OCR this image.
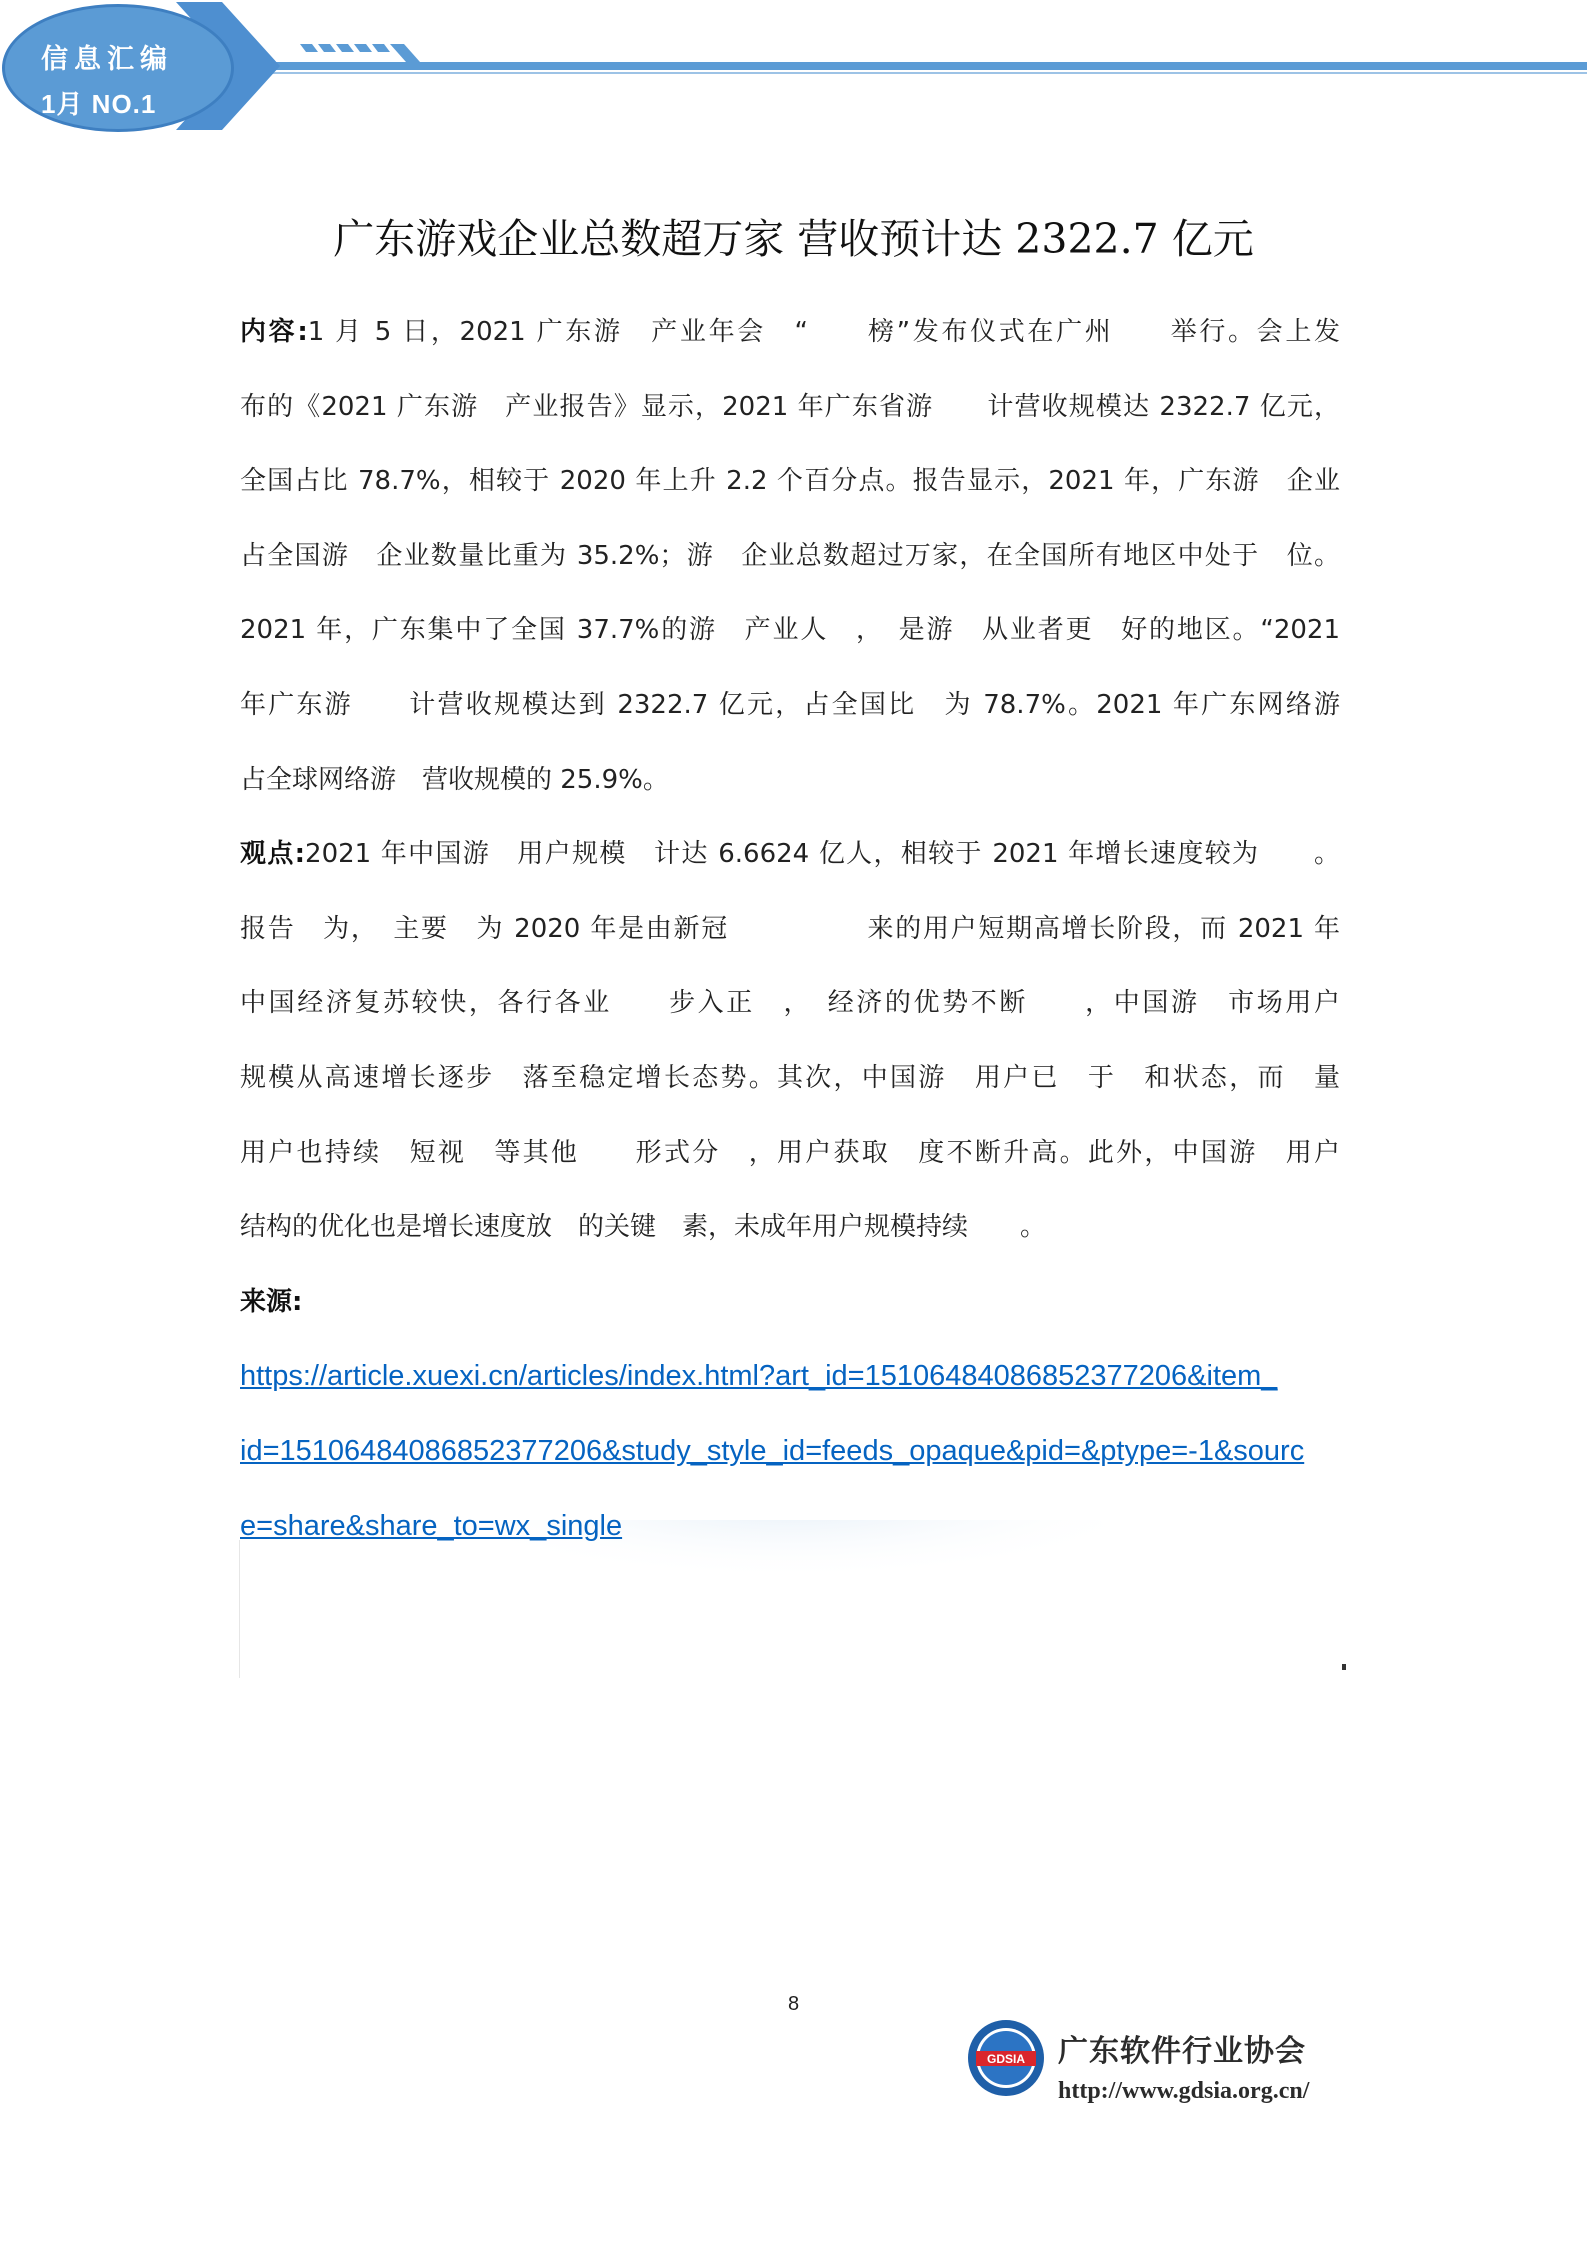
信息汇编
1月 NO.1
广东游戏企业总数超万家 营收预计达 2322.7 亿元
内容:1 月 5 日，2021 广东游　产业年会　“　　榜”发布仪式在广州　　举行。会上发
布的《2021 广东游　产业报告》显示，2021 年广东省游　　计营收规模达 2322.7 亿元，
全国占比 78.7%，相较于 2020 年上升 2.2 个百分点。报告显示，2021 年，广东游　企业
占全国游　企业数量比重为 35.2%；游　企业总数超过万家，在全国所有地区中处于　位。
2021 年，广东集中了全国 37.7%的游　产业人　，　是游　从业者更　好的地区。“2021
年广东游　　计营收规模达到 2322.7 亿元，占全国比　为 78.7%。2021 年广东网络游
占全球网络游　营收规模的 25.9%。
观点:2021 年中国游　用户规模　计达 6.6624 亿人，相较于 2021 年增长速度较为　　。
报告　为，　主要　为 2020 年是由新冠　　　　　来的用户短期高增长阶段，而 2021 年
中国经济复苏较快，各行各业　　步入正　，　经济的优势不断　　，中国游　市场用户
规模从高速增长逐步　落至稳定增长态势。其次，中国游　用户已　于　和状态，而　量
用户也持续　短视　等其他　　形式分　，用户获取　度不断升高。此外，中国游　用户
结构的优化也是增长速度放　的关键　素，未成年用户规模持续　　。
来源:
https://article.xuexi.cn/articles/index.html?art_id=15106484086852377206&item_
id=15106484086852377206&study_style_id=feeds_opaque&pid=&ptype=-1&sourc
e=share&share_to=wx_single
8
GDSIA 广东软件行业协会
http://www.gdsia.org.cn/
